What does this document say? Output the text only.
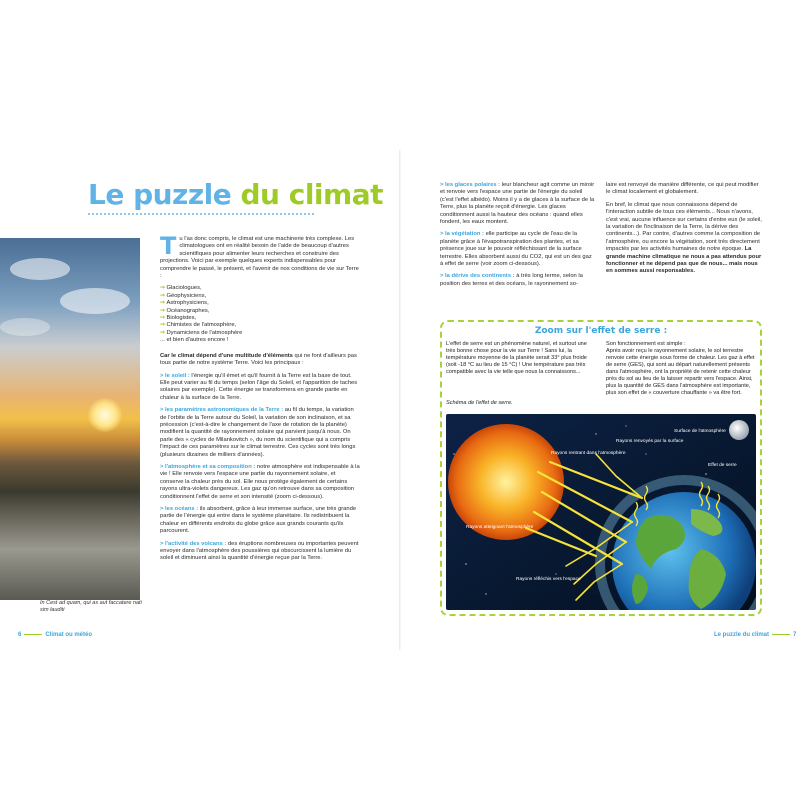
In Cest ad quam, qui as aut faccatere nati sim lauditi
Le puzzle du climat

Tu l'as donc compris, le climat est une machinerie très complexe. Les climatologues ont en réalité besoin de l'aide de beaucoup d'autres scientifiques pour alimenter leurs recherches et construire des projections. Voici par exemple quelques experts indispensables pour comprendre le passé, le présent, et l'avenir de nos conditions de vie sur Terre :

➞ Glaciologues,
➞ Géophysiciens,
➞ Astrophysiciens,
➞ Océanographes,
➞ Biologistes,
➞ Chimistes de l'atmosphère,
➞ Dynamiciens de l'atmosphère

... et bien d'autres encore !

Car le climat dépend d'une multitude d'éléments qui ne font d'ailleurs pas tous partie de notre système Terre. Voici les principaux :

> le soleil : l'énergie qu'il émet et qu'il fournit à la Terre est la base de tout. Elle peut varier au fil du temps (selon l'âge du Soleil, et l'apparition de taches solaires par exemple). Cette énergie se transformera en grande partie en chaleur à la surface de la Terre.

> les paramètres astronomiques de la Terre : au fil du temps, la variation de l'orbite de la Terre autour du Soleil, la variation de son inclinaison, et sa précession (c'est-à-dire le changement de l'axe de rotation de la planète) modifient la quantité de rayonnement solaire qui parvient jusqu'à nous. On parle des « cycles de Milankovitch », du nom du scientifique qui a compris l'impact de ces paramètres sur le climat terrestre. Ces cycles sont très longs (plusieurs dizaines de milliers d'années).

> l'atmosphère et sa composition : notre atmosphère est indispensable à la vie ! Elle renvoie vers l'espace une partie du rayonnement solaire, et conserve la chaleur près du sol. Elle nous protège également de certains rayons ultra-violets dangereux. Les gaz qu'on retrouve dans sa composition conditionnent l'effet de serre et son intensité (zoom ci-dessous).

> les océans : ils absorbent, grâce à leur immense surface, une très grande partie de l'énergie qui entre dans le système planétaire. Ils redistribuent la chaleur en différents endroits du globe grâce aux grands courants qu'ils parcourent.

> l'activité des volcans : des éruptions nombreuses ou importantes peuvent envoyer dans l'atmosphère des poussières qui obscurcissent la lumière du soleil et diminuent ainsi la quantité d'énergie reçue par la Terre.

6	Climat ou météo

> les glaces polaires : leur blancheur agit comme un miroir et renvoie vers l'espace une partie de l'énergie du soleil (c'est l'effet albédo). Moins il y a de glaces à la surface de la Terre, plus la planète reçoit d'énergie. Les glaces conditionnent aussi la hauteur des océans : quand elles fondent, les eaux montent.

> la végétation : elle participe au cycle de l'eau de la planète grâce à l'évapotranspiration des plantes, et sa présence joue sur le pouvoir réfléchissant de la surface terrestre. Elles absorbent aussi du CO2, qui est un des gaz à effet de serre (voir zoom ci-dessous).

> la dérive des continents : à très long terme, selon la position des terres et des océans, le rayonnement so-

laire est renvoyé de manière différente, ce qui peut modifier le climat localement et globalement.

En bref, le climat que nous connaissons dépend de l'interaction subtile de tous ces éléments... Nous n'avons, c'est vrai, aucune influence sur certains d'entre eux (le soleil, la variation de l'inclinaison de la Terre, la dérive des continents...). Par contre, d'autres comme la composition de l'atmosphère, ou encore la végétation, sont très directement impactés par les activités humaines de notre époque. La grande machine climatique ne nous a pas attendus pour fonctionner et ne dépend pas que de nous... mais nous en sommes aussi responsables.

Zoom sur l'effet de serre :
L'effet de serre est un phénomène naturel, et surtout une très bonne chose pour la vie sur Terre ! Sans lui, la température moyenne de la planète serait 33° plus froide (soit -18 °C au lieu de 15 °C) ! Une température pas très compatible avec la vie telle que nous la connaissons...
Schéma de l'effet de serre.
Son fonctionnement est simple :
Après avoir reçu le rayonnement solaire, le sol terrestre renvoie cette énergie sous forme de chaleur. Les gaz à effet de serre (GES), qui sont au départ naturellement présents dans l'atmosphère, ont la propriété de retenir cette chaleur près du sol au lieu de la laisser repartir vers l'espace. Ainsi, plus la quantité de GES dans l'atmosphère est importante, plus son effet de « couverture chauffante » va être fort.
Rayons renvoyés par la surface
Rayons rentrant dans l'atmosphère
Surface de l'atmosphère
Effet de serre
Rayons atteignant l'atmosphère
Rayons réfléchis vers l'espace
Le puzzle du climat	7
